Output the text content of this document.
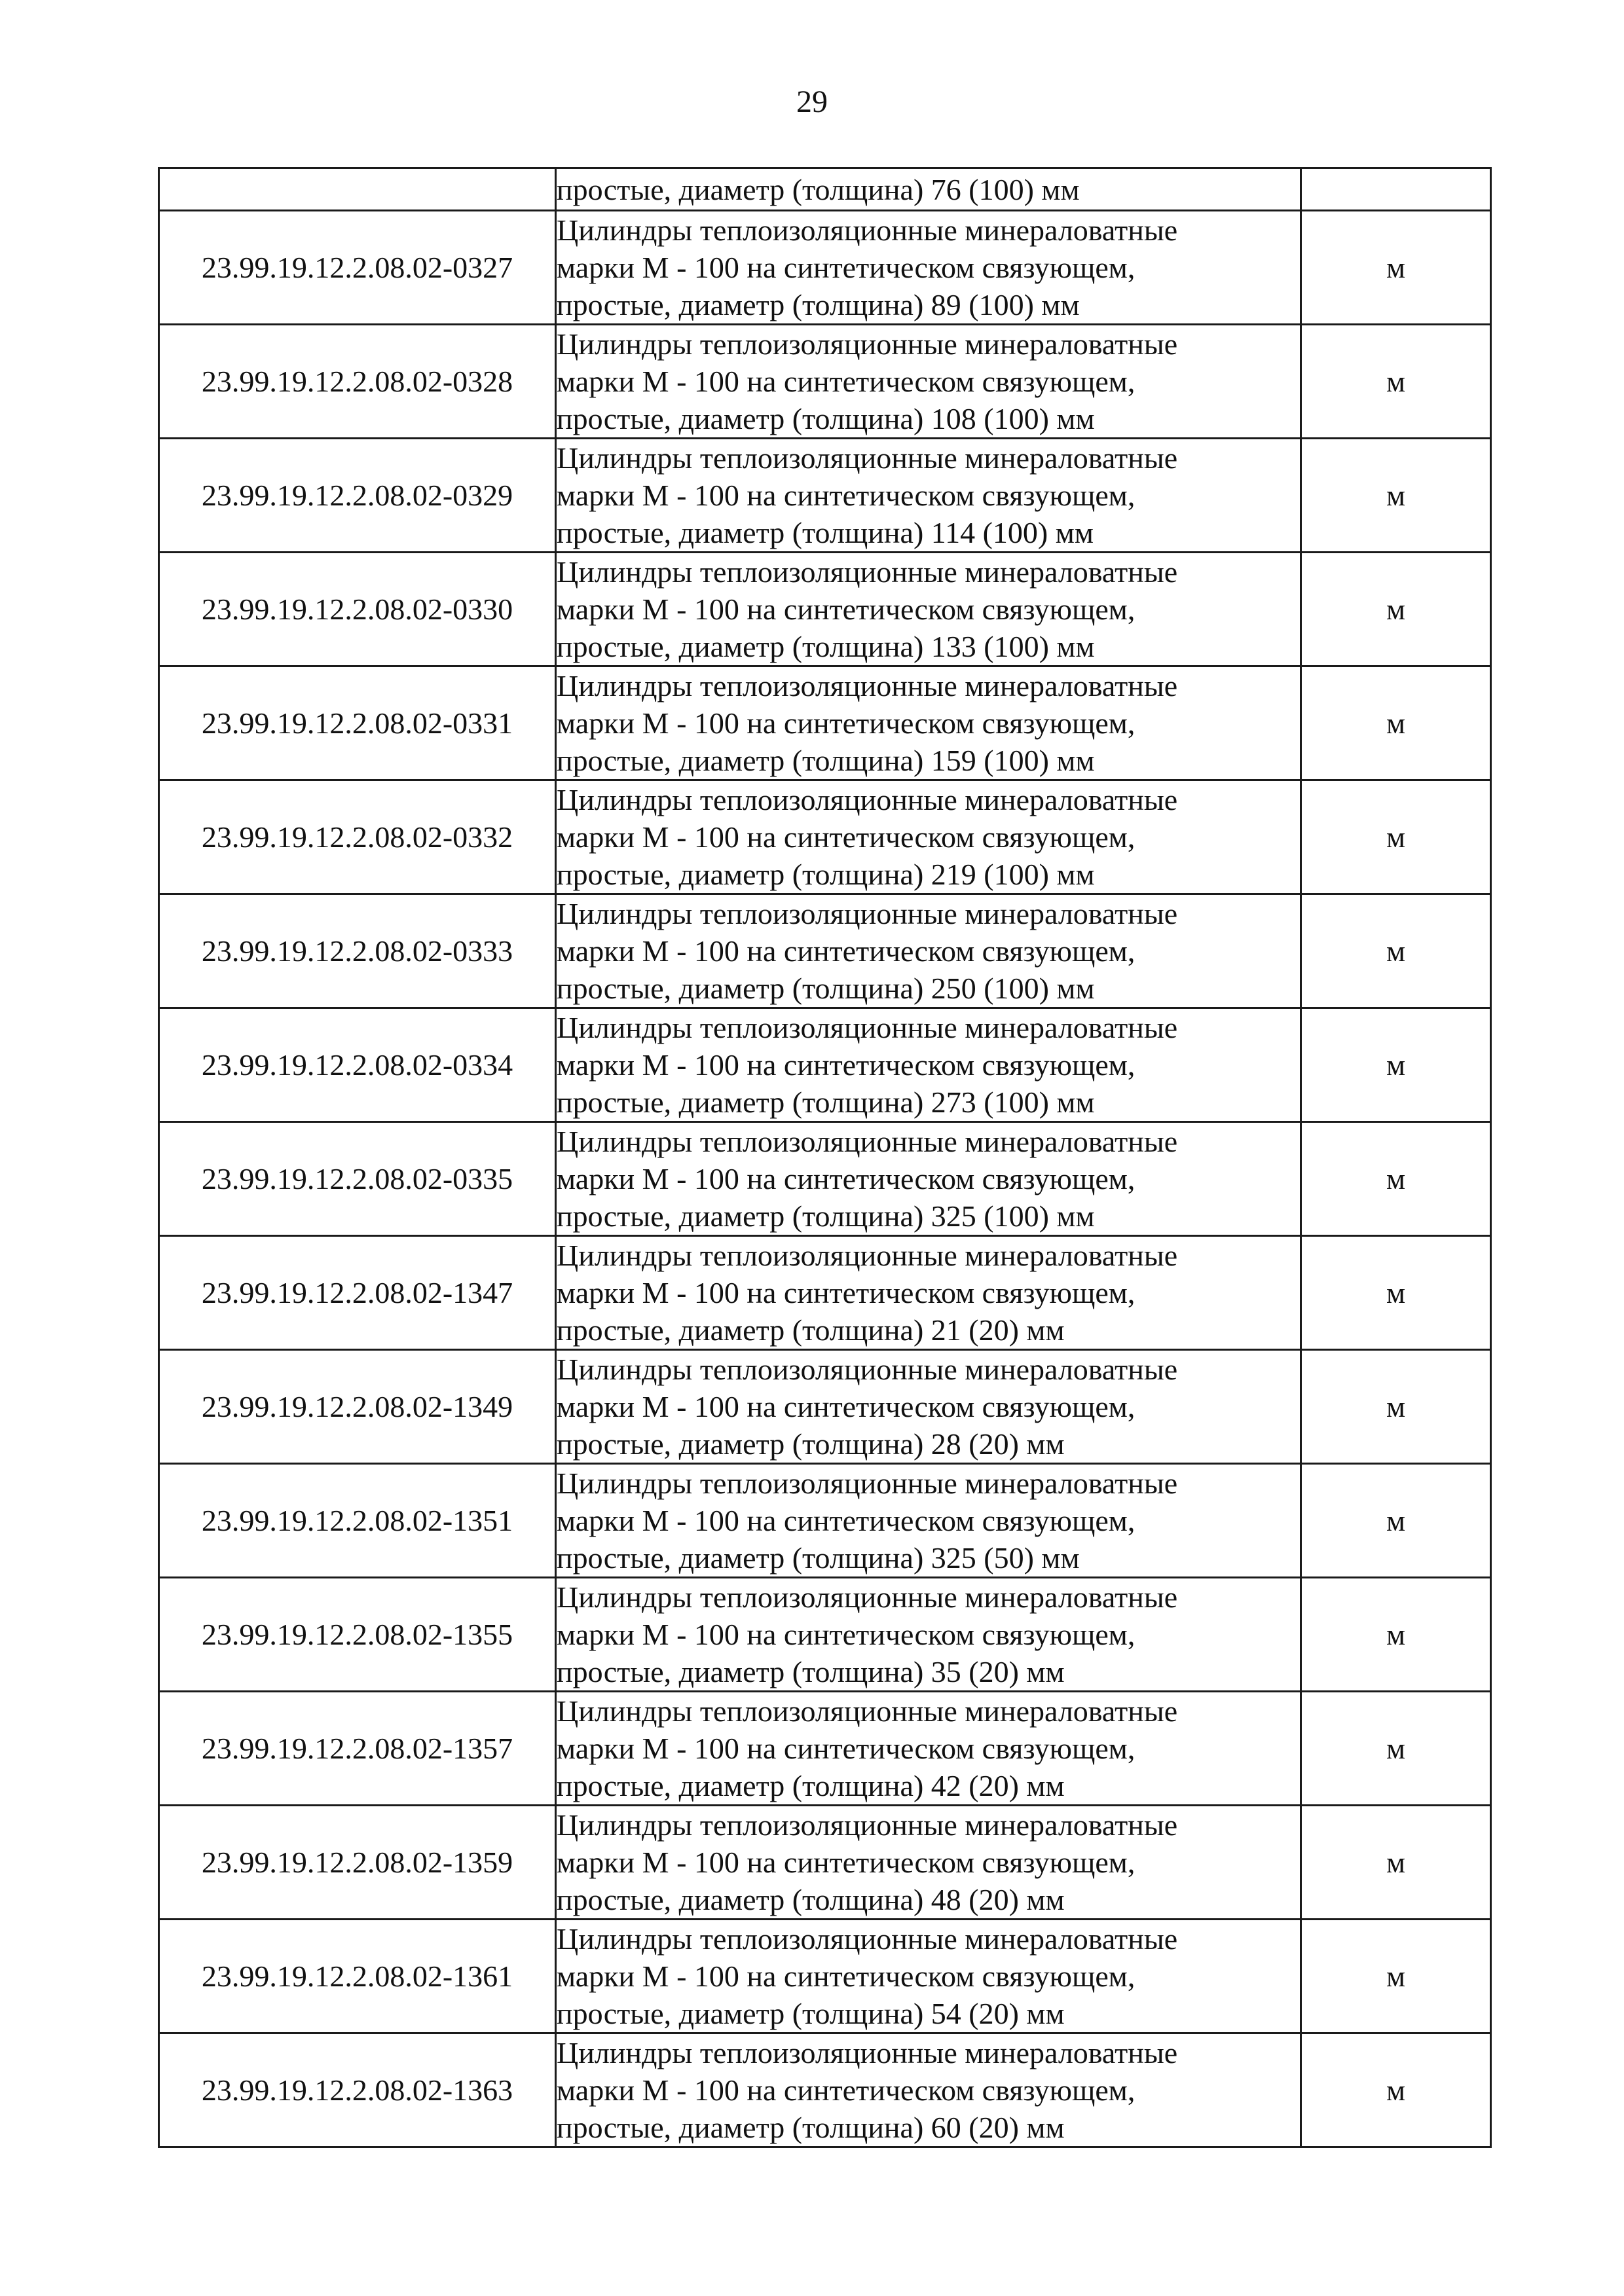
29

	простые, диаметр (толщина) 76 (100) мм	

23.99.19.12.2.08.02-0327	Цилиндры теплоизоляционные минераловатные
марки М - 100 на синтетическом связующем,
простые, диаметр (толщина) 89 (100) мм	м
23.99.19.12.2.08.02-0328	Цилиндры теплоизоляционные минераловатные
марки М - 100 на синтетическом связующем,
простые, диаметр (толщина) 108 (100) мм	м
23.99.19.12.2.08.02-0329	Цилиндры теплоизоляционные минераловатные
марки М - 100 на синтетическом связующем,
простые, диаметр (толщина) 114 (100) мм	м
23.99.19.12.2.08.02-0330	Цилиндры теплоизоляционные минераловатные
марки М - 100 на синтетическом связующем,
простые, диаметр (толщина) 133 (100) мм	м
23.99.19.12.2.08.02-0331	Цилиндры теплоизоляционные минераловатные
марки М - 100 на синтетическом связующем,
простые, диаметр (толщина) 159 (100) мм	м
23.99.19.12.2.08.02-0332	Цилиндры теплоизоляционные минераловатные
марки М - 100 на синтетическом связующем,
простые, диаметр (толщина) 219 (100) мм	м
23.99.19.12.2.08.02-0333	Цилиндры теплоизоляционные минераловатные
марки М - 100 на синтетическом связующем,
простые, диаметр (толщина) 250 (100) мм	м
23.99.19.12.2.08.02-0334	Цилиндры теплоизоляционные минераловатные
марки М - 100 на синтетическом связующем,
простые, диаметр (толщина) 273 (100) мм	м
23.99.19.12.2.08.02-0335	Цилиндры теплоизоляционные минераловатные
марки М - 100 на синтетическом связующем,
простые, диаметр (толщина) 325 (100) мм	м
23.99.19.12.2.08.02-1347	Цилиндры теплоизоляционные минераловатные
марки М - 100 на синтетическом связующем,
простые, диаметр (толщина) 21 (20) мм	м
23.99.19.12.2.08.02-1349	Цилиндры теплоизоляционные минераловатные
марки М - 100 на синтетическом связующем,
простые, диаметр (толщина) 28 (20) мм	м
23.99.19.12.2.08.02-1351	Цилиндры теплоизоляционные минераловатные
марки М - 100 на синтетическом связующем,
простые, диаметр (толщина) 325 (50) мм	м
23.99.19.12.2.08.02-1355	Цилиндры теплоизоляционные минераловатные
марки М - 100 на синтетическом связующем,
простые, диаметр (толщина) 35 (20) мм	м
23.99.19.12.2.08.02-1357	Цилиндры теплоизоляционные минераловатные
марки М - 100 на синтетическом связующем,
простые, диаметр (толщина) 42 (20) мм	м
23.99.19.12.2.08.02-1359	Цилиндры теплоизоляционные минераловатные
марки М - 100 на синтетическом связующем,
простые, диаметр (толщина) 48 (20) мм	м
23.99.19.12.2.08.02-1361	Цилиндры теплоизоляционные минераловатные
марки М - 100 на синтетическом связующем,
простые, диаметр (толщина) 54 (20) мм	м
23.99.19.12.2.08.02-1363	Цилиндры теплоизоляционные минераловатные
марки М - 100 на синтетическом связующем,
простые, диаметр (толщина) 60 (20) мм	м
